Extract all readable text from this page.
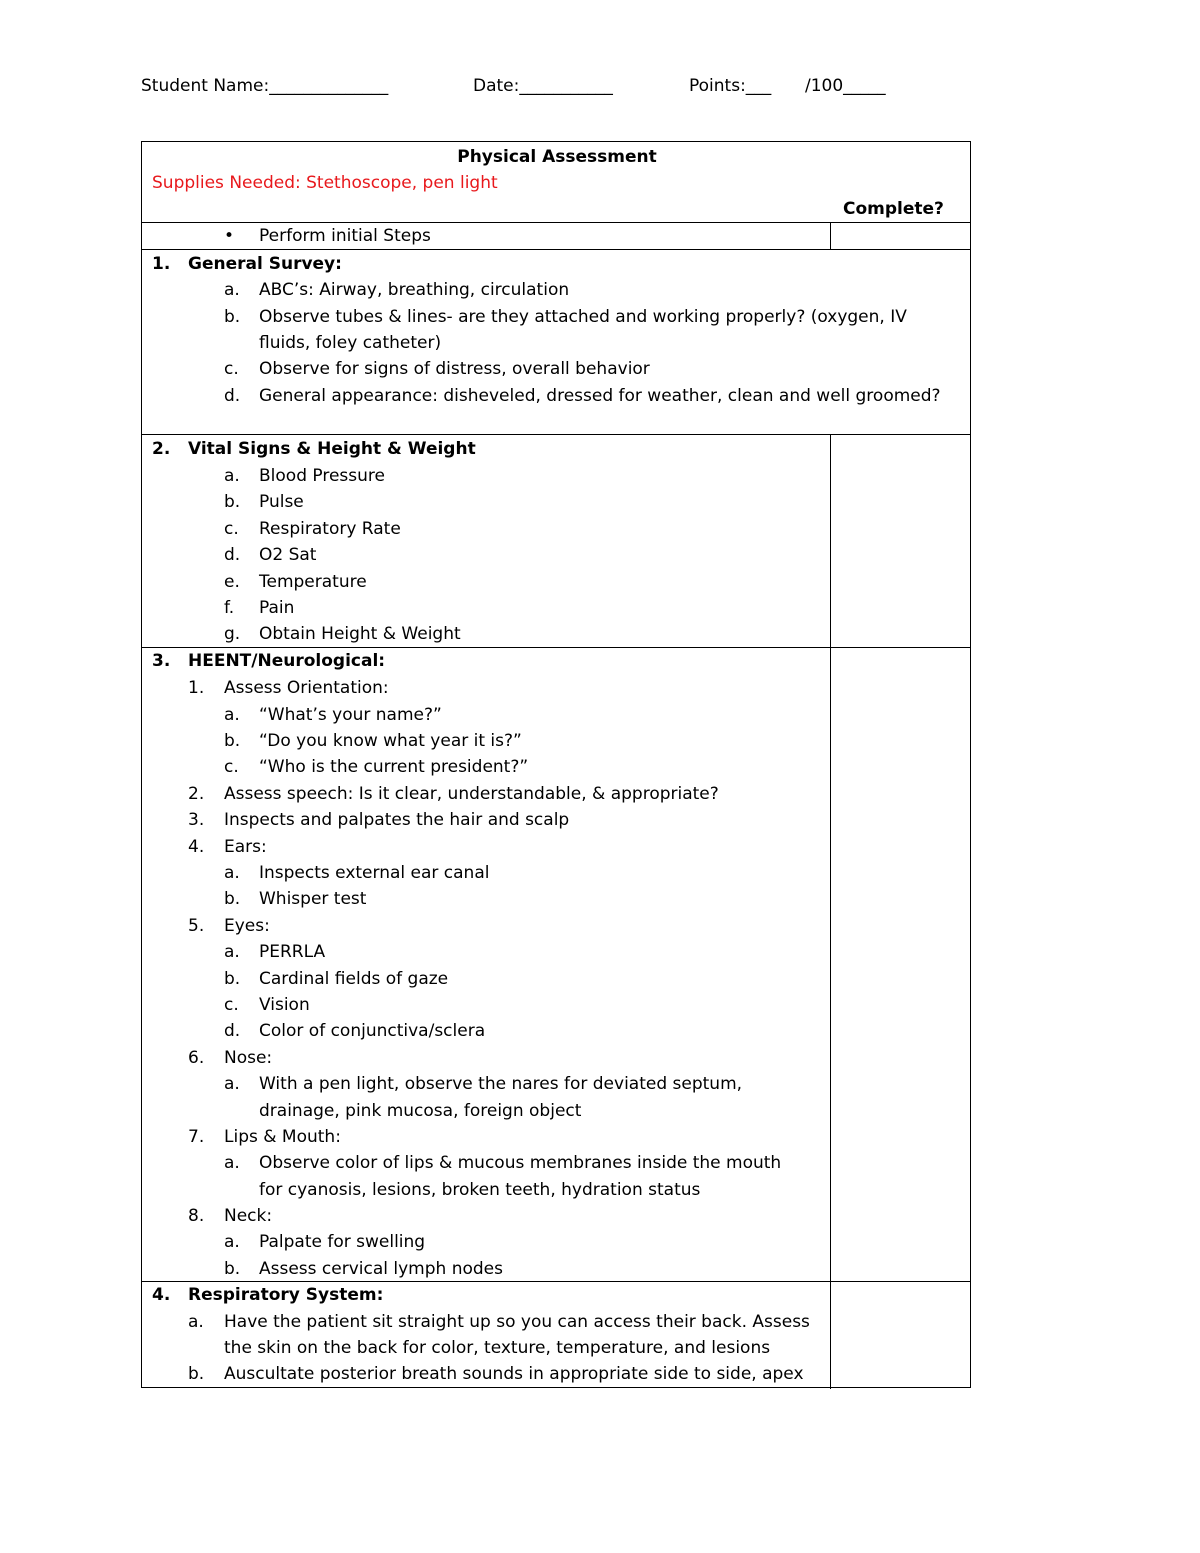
Student Name:______________	Date:___________	Points:___ /100_____
Physical Assessment
Supplies Needed: Stethoscope, pen light
Complete?
• Perform initial Steps
1. General Survey:
a. ABC’s: Airway, breathing, circulation
b. Observe tubes & lines- are they attached and working properly? (oxygen, IV
fluids, foley catheter)
c. Observe for signs of distress, overall behavior
d. General appearance: disheveled, dressed for weather, clean and well groomed?
2. Vital Signs & Height & Weight
a. Blood Pressure
b. Pulse
c. Respiratory Rate
d. O2 Sat
e. Temperature
f. Pain
g. Obtain Height & Weight
3. HEENT/Neurological:
1. Assess Orientation:
a. “What’s your name?”
b. “Do you know what year it is?”
c. “Who is the current president?”
2. Assess speech: Is it clear, understandable, & appropriate?
3. Inspects and palpates the hair and scalp
4. Ears:
a. Inspects external ear canal
b. Whisper test
5. Eyes:
a. PERRLA
b. Cardinal fields of gaze
c. Vision
d. Color of conjunctiva/sclera
6. Nose:
a. With a pen light, observe the nares for deviated septum,
drainage, pink mucosa, foreign object
7. Lips & Mouth:
a. Observe color of lips & mucous membranes inside the mouth
for cyanosis, lesions, broken teeth, hydration status
8. Neck:
a. Palpate for swelling
b. Assess cervical lymph nodes
4. Respiratory System:
a. Have the patient sit straight up so you can access their back. Assess
the skin on the back for color, texture, temperature, and lesions
b. Auscultate posterior breath sounds in appropriate side to side, apex
